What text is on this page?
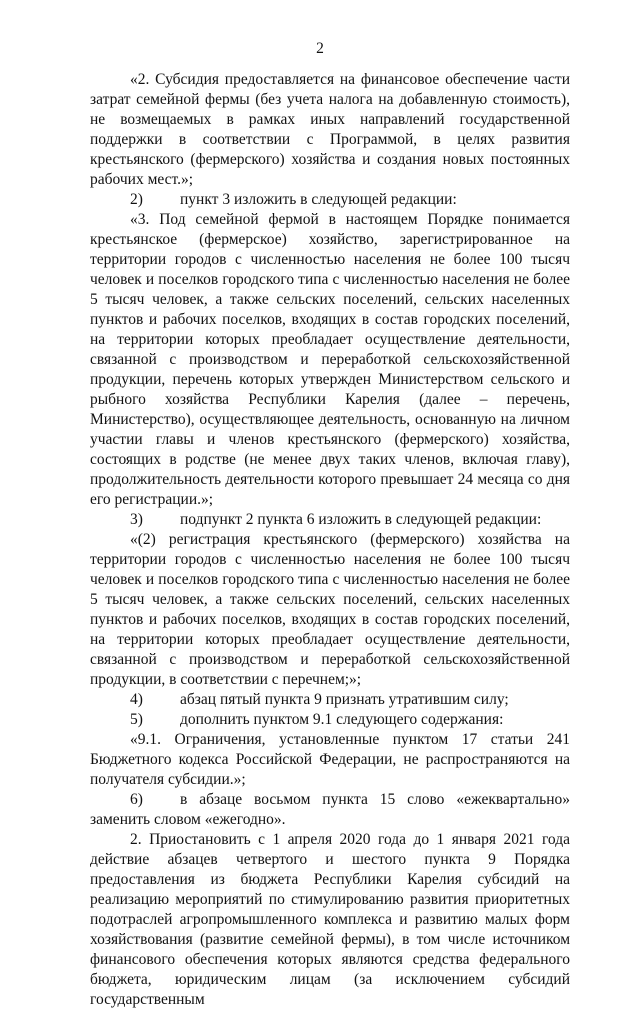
2

«2. Субсидия предоставляется на финансовое обеспечение части затрат семейной фермы (без учета налога на добавленную стоимость), не возмещаемых в рамках иных направлений государственной поддержки в соответствии с Программой, в целях развития крестьянского (фермерского) хозяйства и создания новых постоянных рабочих мест.»;

2) пункт 3 изложить в следующей редакции:

«3. Под семейной фермой в настоящем Порядке понимается крестьянское (фермерское) хозяйство, зарегистрированное на территории городов с численностью населения не более 100 тысяч человек и поселков городского типа с численностью населения не более 5 тысяч человек, а также сельских поселений, сельских населенных пунктов и рабочих поселков, входящих в состав городских поселений, на территории которых преобладает осуществление деятельности, связанной с производством и переработкой сельскохозяйственной продукции, перечень которых утвержден Министерством сельского и рыбного хозяйства Республики Карелия (далее – перечень, Министерство), осуществляющее деятельность, основанную на личном участии главы и членов крестьянского (фермерского) хозяйства, состоящих в родстве (не менее двух таких членов, включая главу), продолжительность деятельности которого превышает 24 месяца со дня его регистрации.»;

3) подпункт 2 пункта 6 изложить в следующей редакции:

«(2) регистрация крестьянского (фермерского) хозяйства на территории городов с численностью населения не более 100 тысяч человек и поселков городского типа с численностью населения не более 5 тысяч человек, а также сельских поселений, сельских населенных пунктов и рабочих поселков, входящих в состав городских поселений, на территории которых преобладает осуществление деятельности, связанной с производством и переработкой сельскохозяйственной продукции, в соответствии с перечнем;»;

4) абзац пятый пункта 9 признать утратившим силу;

5) дополнить пунктом 9.1 следующего содержания:

«9.1. Ограничения, установленные пунктом 17 статьи 241 Бюджетного кодекса Российской Федерации, не распространяются на получателя субсидии.»;

6) в абзаце восьмом пункта 15 слово «ежеквартально» заменить словом «ежегодно».

2. Приостановить с 1 апреля 2020 года до 1 января 2021 года действие абзацев четвертого и шестого пункта 9 Порядка предоставления из бюджета Республики Карелия субсидий на реализацию мероприятий по стимулированию развития приоритетных подотраслей агропромышленного комплекса и развитию малых форм хозяйствования (развитие семейной фермы), в том числе источником финансового обеспечения которых являются средства федерального бюджета, юридическим лицам (за исключением субсидий государственным
